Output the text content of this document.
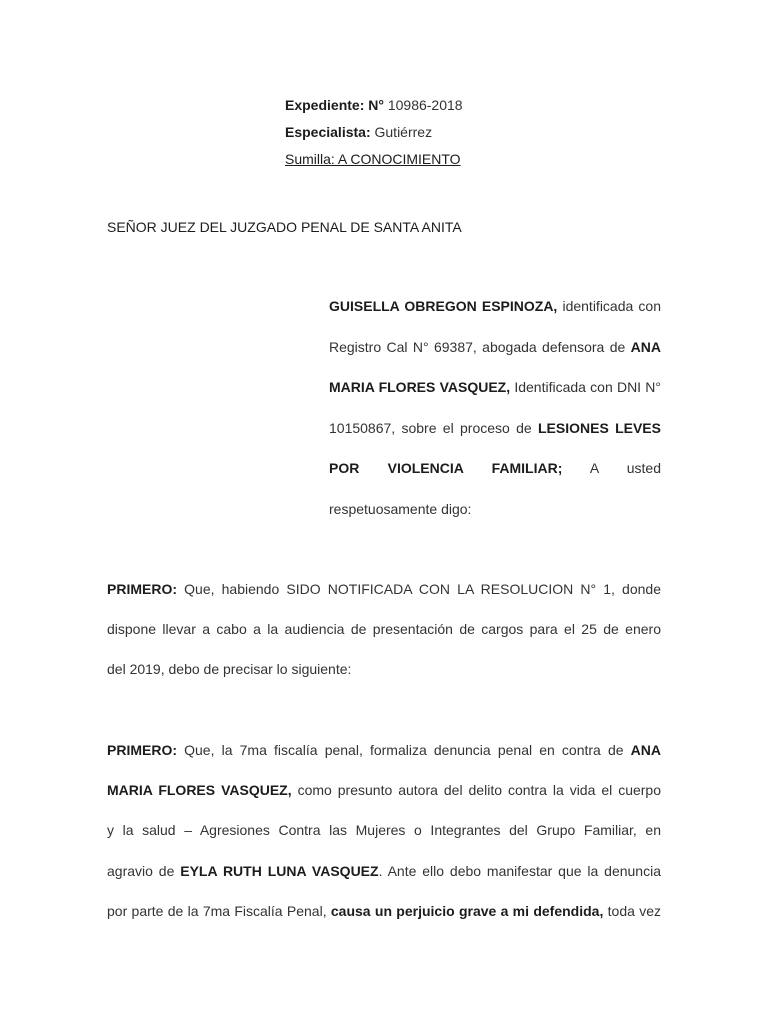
Expediente: N° 10986-2018
Especialista: Gutiérrez
Sumilla: A CONOCIMIENTO
SEÑOR JUEZ DEL JUZGADO PENAL DE SANTA ANITA
GUISELLA OBREGON ESPINOZA, identificada con
Registro Cal N° 69387, abogada defensora de ANA
MARIA FLORES VASQUEZ, Identificada con DNI N°
10150867, sobre el proceso de LESIONES LEVES
POR VIOLENCIA FAMILIAR; A usted
respetuosamente digo:
PRIMERO: Que, habiendo SIDO NOTIFICADA CON LA RESOLUCION N° 1, donde
dispone llevar a cabo a la audiencia de presentación de cargos para el 25 de enero
del 2019, debo de precisar lo siguiente:
PRIMERO: Que, la 7ma fiscalía penal, formaliza denuncia penal en contra de ANA
MARIA FLORES VASQUEZ, como presunto autora del delito contra la vida el cuerpo
y la salud – Agresiones Contra las Mujeres o Integrantes del Grupo Familiar, en
agravio de EYLA RUTH LUNA VASQUEZ. Ante ello debo manifestar que la denuncia
por parte de la 7ma Fiscalía Penal, causa un perjuicio grave a mi defendida, toda vez
